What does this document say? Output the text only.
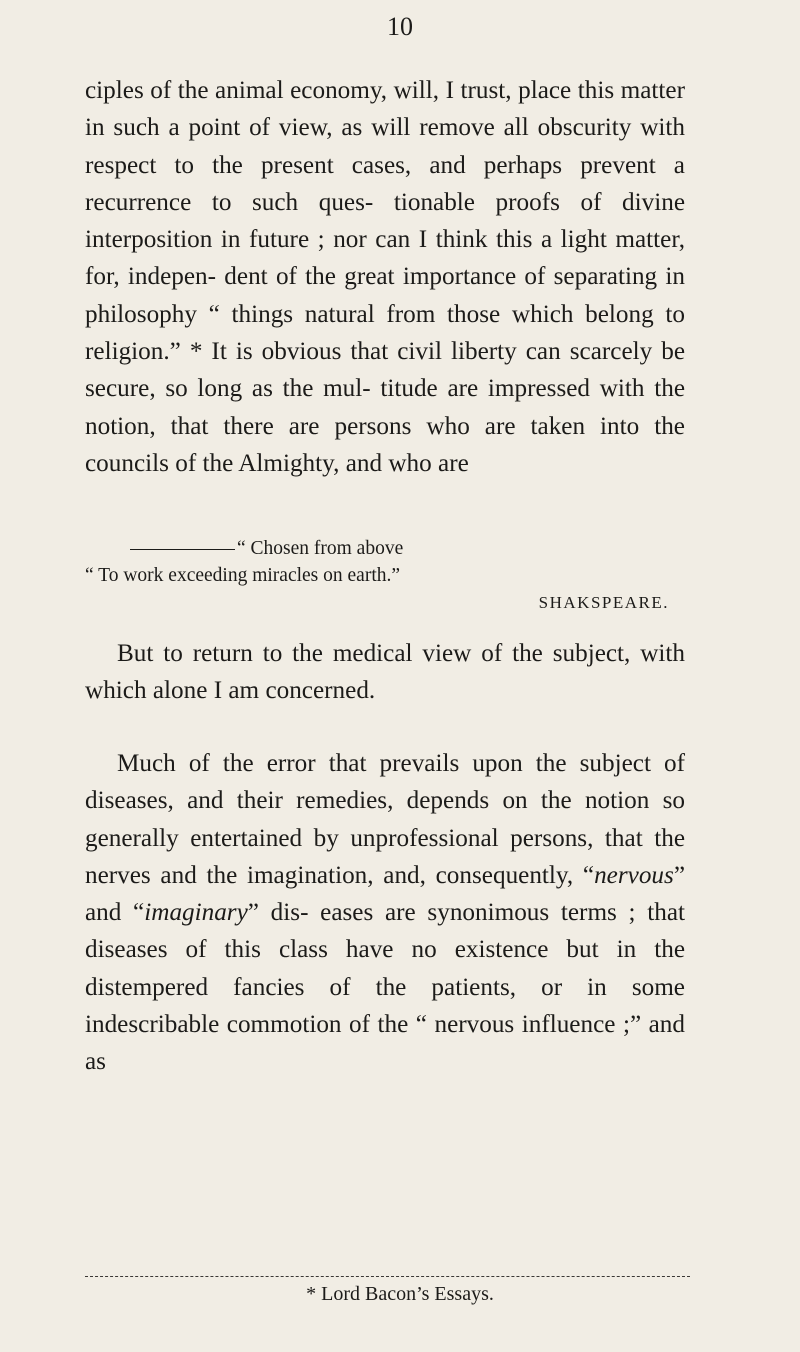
10

ciples of the animal economy, will, I trust, place this matter in such a point of view, as will remove all obscurity with respect to the present cases, and perhaps prevent a recurrence to such ques- tionable proofs of divine interposition in future ; nor can I think this a light matter, for, indepen- dent of the great importance of separating in philosophy “ things natural from those which belong to religion.” * It is obvious that civil liberty can scarcely be secure, so long as the mul- titude are impressed with the notion, that there are persons who are taken into the councils of the Almighty, and who are

“ Chosen from above
“ To work exceeding miracles on earth.”
SHAKSPEARE.

But to return to the medical view of the subject, with which alone I am concerned.

Much of the error that prevails upon the subject of diseases, and their remedies, depends on the notion so generally entertained by unprofessional persons, that the nerves and the imagination, and, consequently, “nervous” and “imaginary” dis- eases are synonimous terms ; that diseases of this class have no existence but in the distempered fancies of the patients, or in some indescribable commotion of the “ nervous influence ;” and as

* Lord Bacon’s Essays.
